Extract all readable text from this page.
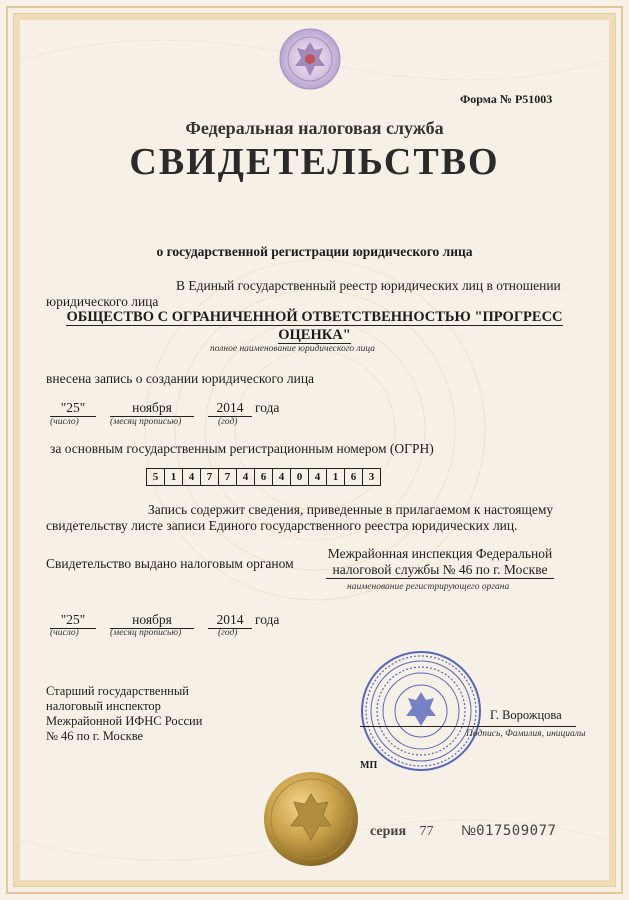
Форма № Р51003
Федеральная налоговая служба
СВИДЕТЕЛЬСТВО
о государственной регистрации юридического лица
В Единый государственный реестр юридических лиц в отношении
юридического лица
ОБЩЕСТВО С ОГРАНИЧЕННОЙ ОТВЕТСТВЕННОСТЬЮ "ПРОГРЕСС
ОЦЕНКА"
полное наименование юридического лица
внесена запись о создании юридического лица
"25"	ноября	2014 года
(число)	(месяц прописью)	(год)
за основным государственным регистрационным номером (ОГРН)
5	1	4	7	7	4	6	4	0	4	1	6	3
Запись содержит сведения, приведенные в прилагаемом к настоящему
свидетельству листе записи Единого государственного реестра юридических лиц.
Свидетельство выдано налоговым органом
Межрайонная инспекция Федеральной
налоговой службы № 46 по г. Москве
наименование регистрирующего органа
"25"	ноября	2014 года
(число)	(месяц прописью)	(год)
Старший государственный
налоговый инспектор
Межрайонной ИФНС России
№ 46 по г. Москве
Г. Ворожцова
Подпись, Фамилия, инициалы
МП
серия 77 №017509077
